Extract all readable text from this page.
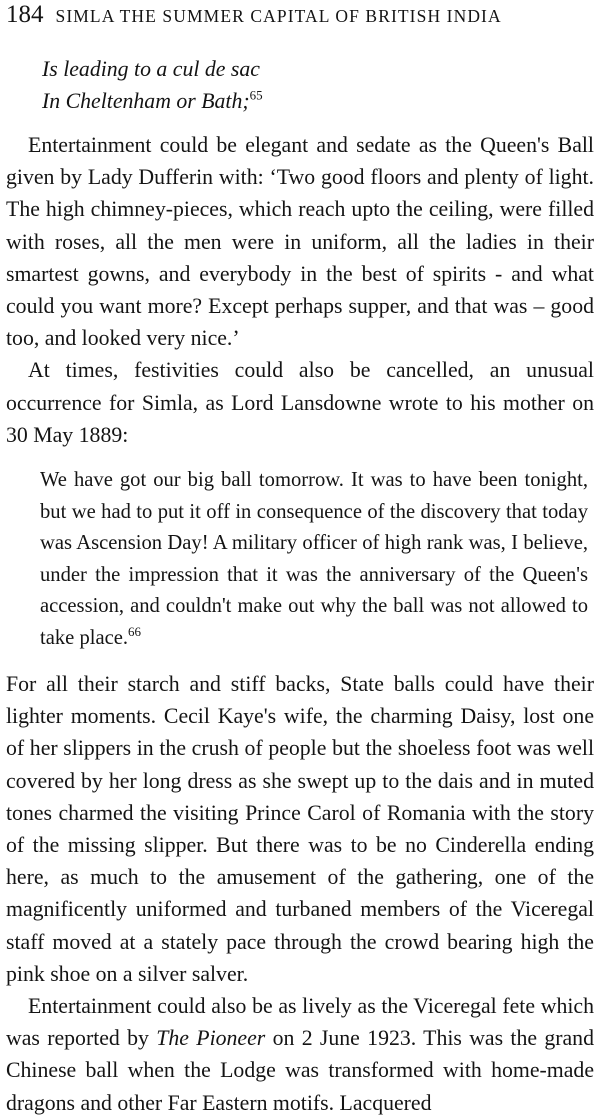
184 SIMLA THE SUMMER CAPITAL OF BRITISH INDIA
Is leading to a cul de sac
In Cheltenham or Bath;$^{65}$

Entertainment could be elegant and sedate as the Queen's Ball given by Lady Dufferin with: ‘Two good floors and plenty of light. The high chimney-pieces, which reach upto the ceiling, were filled with roses, all the men were in uniform, all the ladies in their smartest gowns, and everybody in the best of spirits - and what could you want more? Except perhaps supper, and that was – good too, and looked very nice.’

At times, festivities could also be cancelled, an unusual occurrence for Simla, as Lord Lansdowne wrote to his mother on 30 May 1889:

We have got our big ball tomorrow. It was to have been tonight, but we had to put it off in consequence of the discovery that today was Ascension Day! A military officer of high rank was, I believe, under the impression that it was the anniversary of the Queen's accession, and couldn't make out why the ball was not allowed to take place.$^{66}$

For all their starch and stiff backs, State balls could have their lighter moments. Cecil Kaye's wife, the charming Daisy, lost one of her slippers in the crush of people but the shoeless foot was well covered by her long dress as she swept up to the dais and in muted tones charmed the visiting Prince Carol of Romania with the story of the missing slipper. But there was to be no Cinderella ending here, as much to the amusement of the gathering, one of the magnificently uniformed and turbaned members of the Viceregal staff moved at a stately pace through the crowd bearing high the pink shoe on a silver salver.

Entertainment could also be as lively as the Viceregal fete which was reported by The Pioneer on 2 June 1923. This was the grand Chinese ball when the Lodge was transformed with home-made dragons and other Far Eastern motifs. Lacquered
